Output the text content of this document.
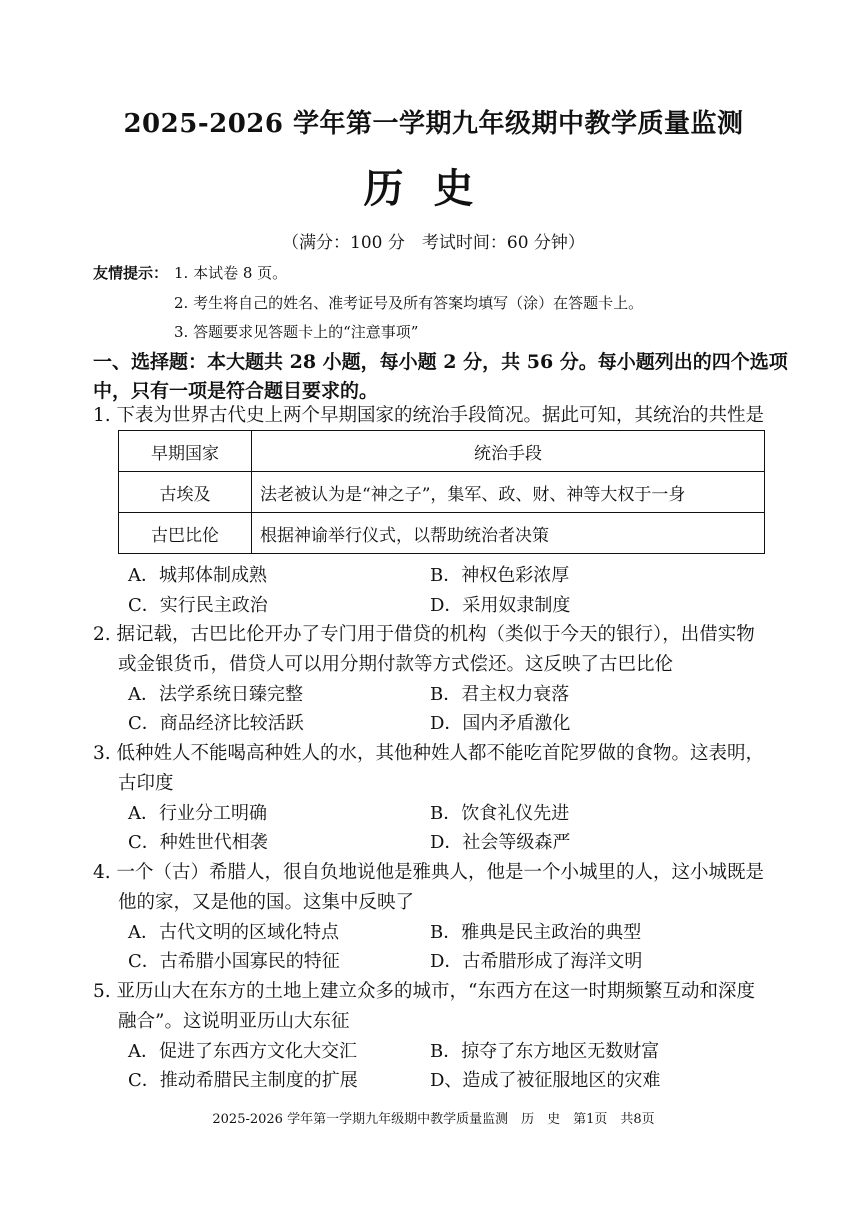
2025-2026 学年第一学期九年级期中教学质量监测
历史
（满分：100 分　考试时间：60 分钟）
友情提示： 1. 本试卷 8 页。
2. 考生将自己的姓名、准考证号及所有答案均填写（涂）在答题卡上。
3. 答题要求见答题卡上的“注意事项”
一、选择题：本大题共 28 小题，每小题 2 分，共 56 分。每小题列出的四个选项中，只有一项是符合题目要求的。
1. 下表为世界古代史上两个早期国家的统治手段简况。据此可知，其统治的共性是
早期国家	统治手段
古埃及	法老被认为是“神之子”，集军、政、财、神等大权于一身
古巴比伦	根据神谕举行仪式，以帮助统治者决策
A．城邦体制成熟	B．神权色彩浓厚
C．实行民主政治	D．采用奴隶制度
2. 据记载，古巴比伦开办了专门用于借贷的机构（类似于今天的银行），出借实物
或金银货币，借贷人可以用分期付款等方式偿还。这反映了古巴比伦
A．法学系统日臻完整	B．君主权力衰落
C．商品经济比较活跃	D．国内矛盾激化
3. 低种姓人不能喝高种姓人的水，其他种姓人都不能吃首陀罗做的食物。这表明，
古印度
A．行业分工明确	B．饮食礼仪先进
C．种姓世代相袭	D．社会等级森严
4. 一个（古）希腊人，很自负地说他是雅典人，他是一个小城里的人，这小城既是
他的家，又是他的国。这集中反映了
A．古代文明的区域化特点	B．雅典是民主政治的典型
C．古希腊小国寡民的特征	D．古希腊形成了海洋文明
5. 亚历山大在东方的土地上建立众多的城市，“东西方在这一时期频繁互动和深度
融合”。这说明亚历山大东征
A．促进了东西方文化大交汇	B．掠夺了东方地区无数财富
C．推动希腊民主制度的扩展	D、造成了被征服地区的灾难
2025-2026 学年第一学期九年级期中教学质量监测　历　史　第1页　共8页
